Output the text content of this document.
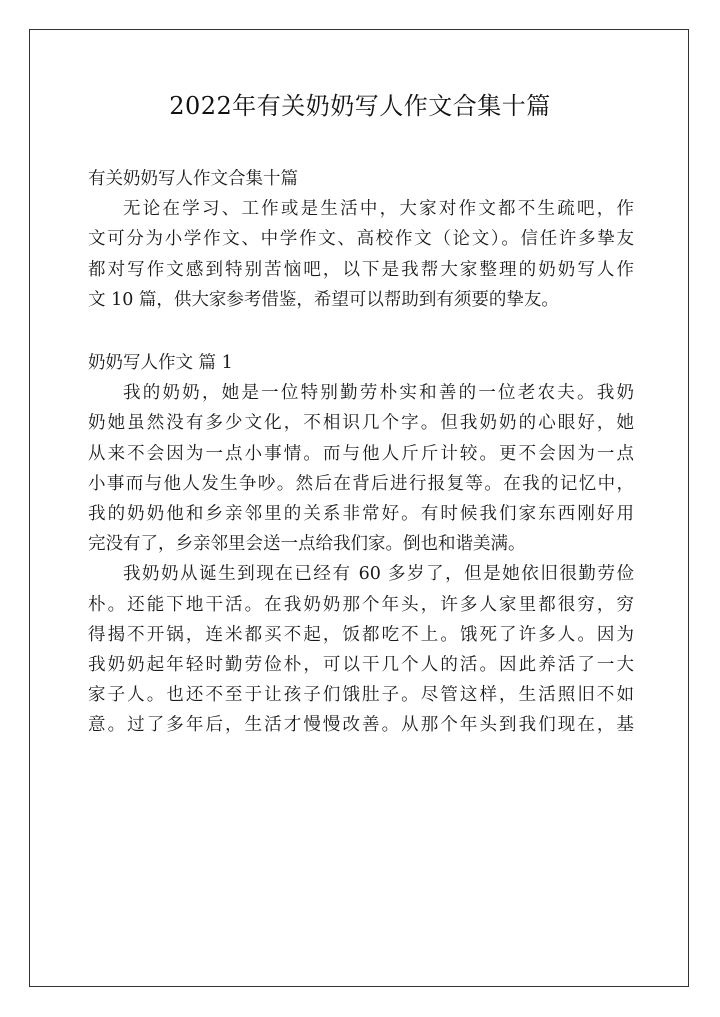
2022年有关奶奶写人作文合集十篇
有关奶奶写人作文合集十篇

无论在学习、工作或是生活中，大家对作文都不生疏吧，作
文可分为小学作文、中学作文、高校作文（论文）。信任许多挚友
都对写作文感到特别苦恼吧，以下是我帮大家整理的奶奶写人作
文 10 篇，供大家参考借鉴，希望可以帮助到有须要的挚友。

奶奶写人作文 篇 1

我的奶奶，她是一位特别勤劳朴实和善的一位老农夫。我奶
奶她虽然没有多少文化，不相识几个字。但我奶奶的心眼好，她
从来不会因为一点小事情。而与他人斤斤计较。更不会因为一点
小事而与他人发生争吵。然后在背后进行报复等。在我的记忆中，
我的奶奶他和乡亲邻里的关系非常好。有时候我们家东西刚好用
完没有了，乡亲邻里会送一点给我们家。倒也和谐美满。

我奶奶从诞生到现在已经有 60 多岁了，但是她依旧很勤劳俭
朴。还能下地干活。在我奶奶那个年头，许多人家里都很穷，穷
得揭不开锅，连米都买不起，饭都吃不上。饿死了许多人。因为
我奶奶起年轻时勤劳俭朴，可以干几个人的活。因此养活了一大
家子人。也还不至于让孩子们饿肚子。尽管这样，生活照旧不如
意。过了多年后，生活才慢慢改善。从那个年头到我们现在，基
